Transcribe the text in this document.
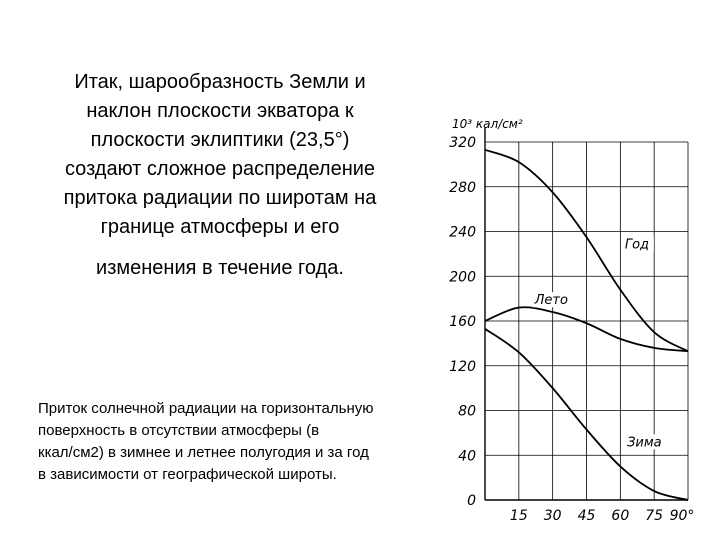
Итак, шарообразность Земли и
наклон плоскости экватора к
плоскости эклиптики (23,5°)
создают сложное распределение
притока радиации по широтам на
границе атмосферы и его
изменения в течение года.
Приток солнечной радиации на горизонтальную
поверхность в отсутствии атмосферы (в
ккал/см2) в зимнее и летнее полугодия и за год
в зависимости от географической широты.
320
280
240
200
160
120
80
40
0
15 30 45 60 75 90°
Год
Лето
Зима
10³ кал/см²
